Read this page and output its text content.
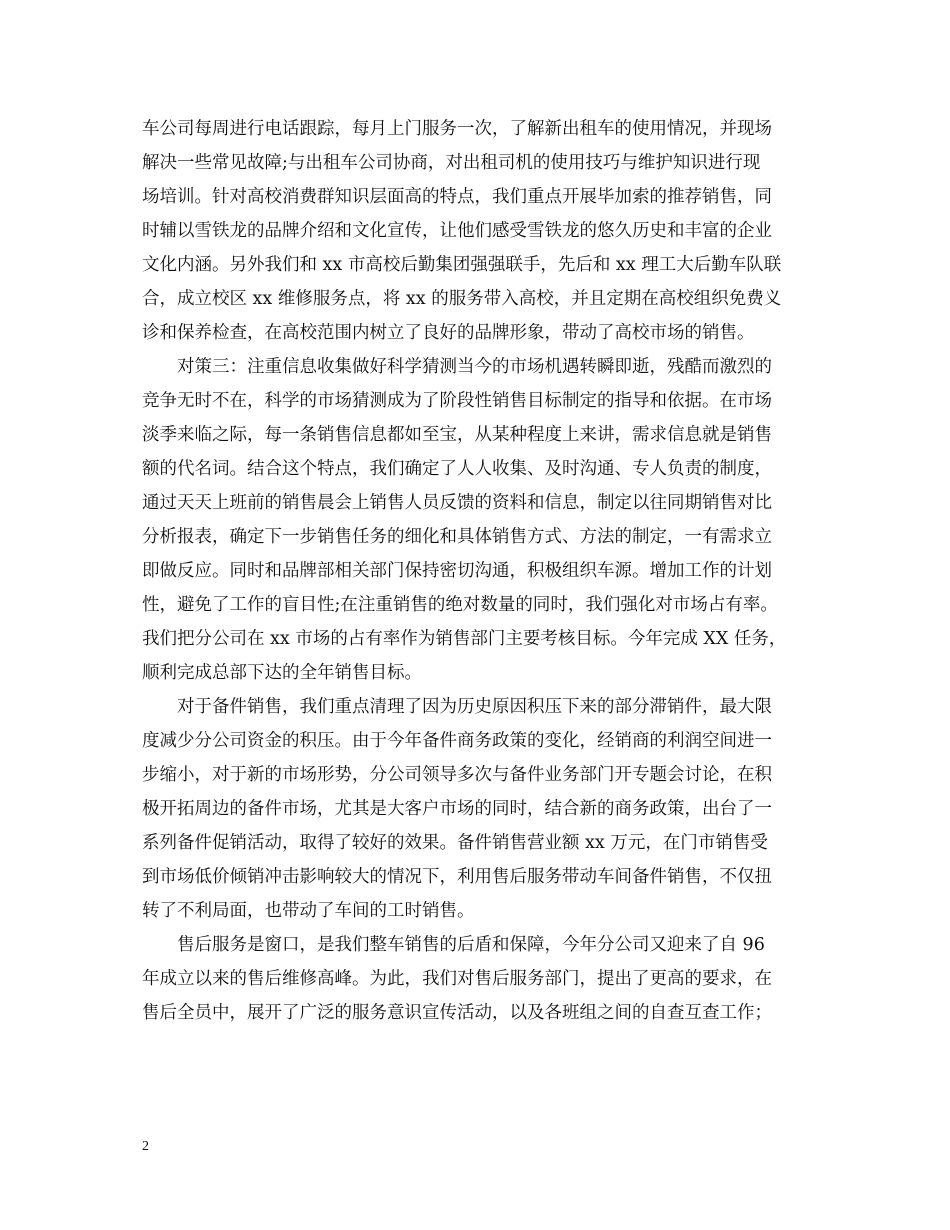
车公司每周进行电话跟踪，每月上门服务一次，了解新出租车的使用情况，并现场
解决一些常见故障;与出租车公司协商，对出租司机的使用技巧与维护知识进行现
场培训。针对高校消费群知识层面高的特点，我们重点开展毕加索的推荐销售，同
时辅以雪铁龙的品牌介绍和文化宣传，让他们感受雪铁龙的悠久历史和丰富的企业
文化内涵。另外我们和 xx 市高校后勤集团强强联手，先后和 xx 理工大后勤车队联
合，成立校区 xx 维修服务点，将 xx 的服务带入高校，并且定期在高校组织免费义
诊和保养检查，在高校范围内树立了良好的品牌形象，带动了高校市场的销售。
　　对策三：注重信息收集做好科学猜测当今的市场机遇转瞬即逝，残酷而激烈的
竞争无时不在，科学的市场猜测成为了阶段性销售目标制定的指导和依据。在市场
淡季来临之际，每一条销售信息都如至宝，从某种程度上来讲，需求信息就是销售
额的代名词。结合这个特点，我们确定了人人收集、及时沟通、专人负责的制度，
通过天天上班前的销售晨会上销售人员反馈的资料和信息，制定以往同期销售对比
分析报表，确定下一步销售任务的细化和具体销售方式、方法的制定，一有需求立
即做反应。同时和品牌部相关部门保持密切沟通，积极组织车源。增加工作的计划
性，避免了工作的盲目性;在注重销售的绝对数量的同时，我们强化对市场占有率。
我们把分公司在 xx 市场的占有率作为销售部门主要考核目标。今年完成 XX 任务，
顺利完成总部下达的全年销售目标。
　　对于备件销售，我们重点清理了因为历史原因积压下来的部分滞销件，最大限
度减少分公司资金的积压。由于今年备件商务政策的变化，经销商的利润空间进一
步缩小，对于新的市场形势，分公司领导多次与备件业务部门开专题会讨论，在积
极开拓周边的备件市场，尤其是大客户市场的同时，结合新的商务政策，出台了一
系列备件促销活动，取得了较好的效果。备件销售营业额 xx 万元，在门市销售受
到市场低价倾销冲击影响较大的情况下，利用售后服务带动车间备件销售，不仅扭
转了不利局面，也带动了车间的工时销售。
　　售后服务是窗口，是我们整车销售的后盾和保障，今年分公司又迎来了自 96
年成立以来的售后维修高峰。为此，我们对售后服务部门，提出了更高的要求，在
售后全员中，展开了广泛的服务意识宣传活动，以及各班组之间的自查互查工作；
2
